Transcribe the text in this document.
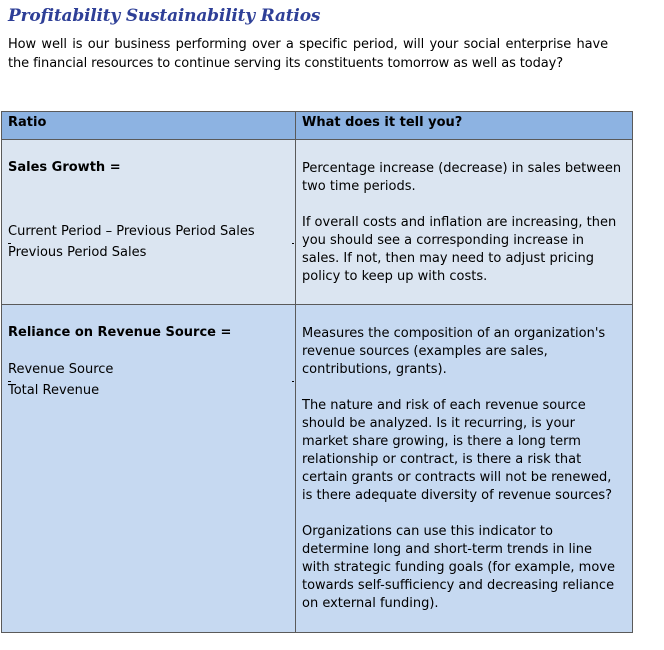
Profitability Sustainability Ratios
How well is our business performing over a specific period, will your social enterprise have the financial resources to continue serving its constituents tomorrow as well as today?
Ratio	What does it tell you?
Sales Growth =
Current Period – Previous Period Sales
Previous Period Sales

Percentage increase (decrease) in sales between two time periods.

If overall costs and inflation are increasing, then you should see a corresponding increase in sales. If not, then may need to adjust pricing policy to keep up with costs.

Reliance on Revenue Source =
Revenue Source
Total Revenue

Measures the composition of an organization's revenue sources (examples are sales, contributions, grants).

The nature and risk of each revenue source should be analyzed. Is it recurring, is your market share growing, is there a long term relationship or contract, is there a risk that certain grants or contracts will not be renewed, is there adequate diversity of revenue sources?

Organizations can use this indicator to determine long and short-term trends in line with strategic funding goals (for example, move towards self-sufficiency and decreasing reliance on external funding).
